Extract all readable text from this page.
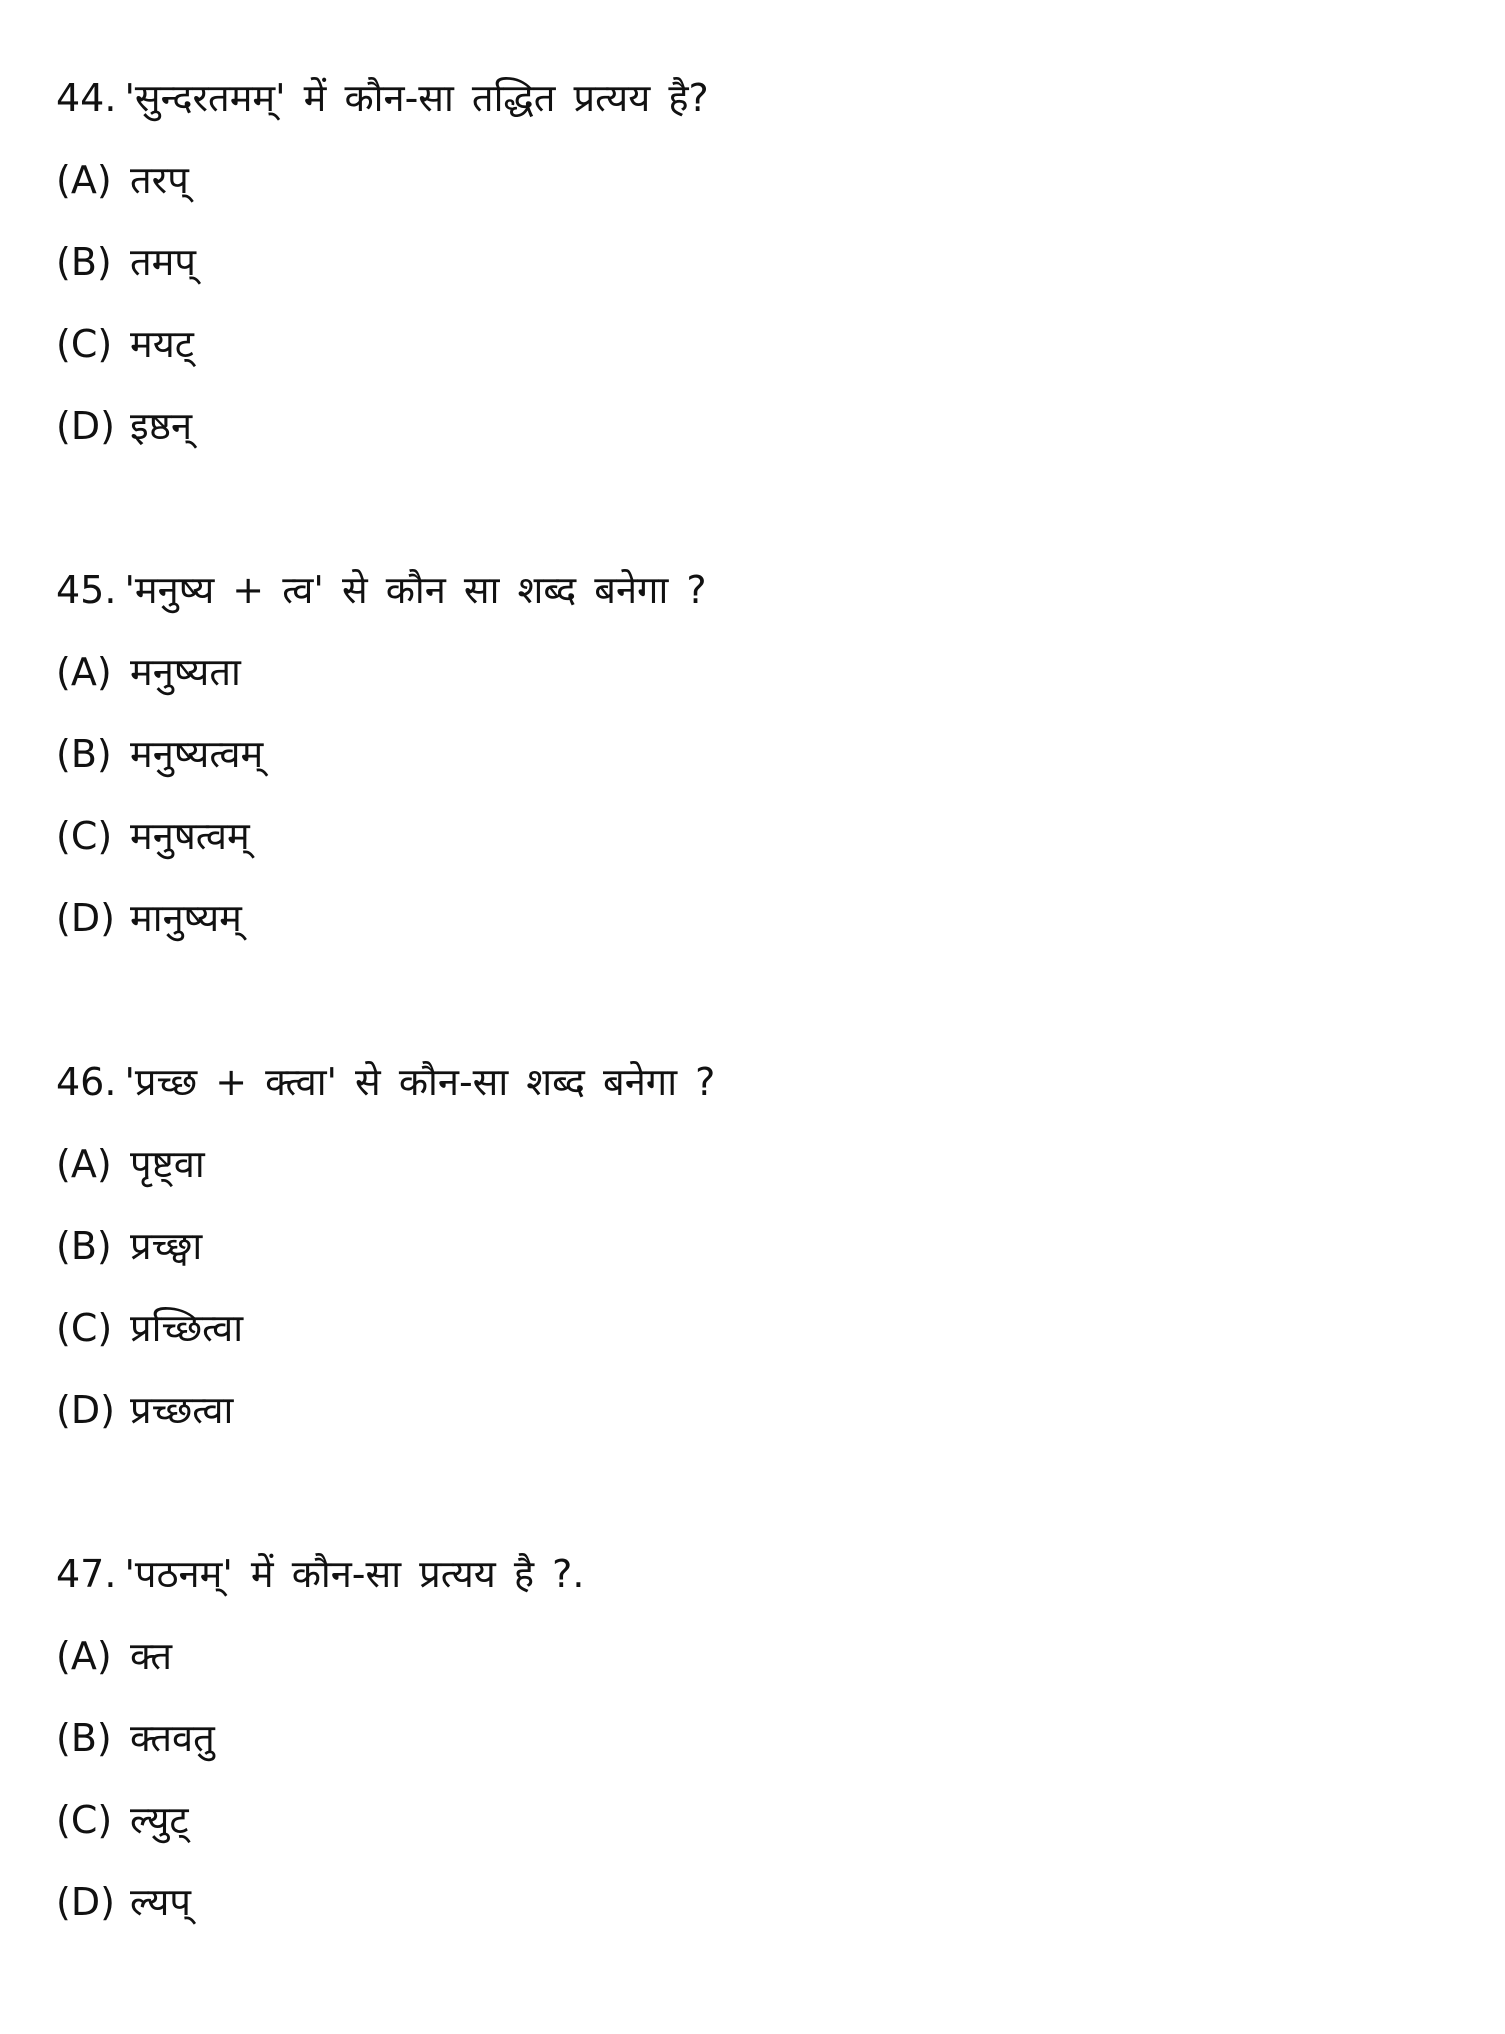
44. 'सुन्दरतमम्' में कौन-सा तद्धित प्रत्यय है?
(A) तरप्
(B) तमप्
(C) मयट्
(D) इष्ठन्
45. 'मनुष्य + त्व' से कौन सा शब्द बनेगा ?
(A) मनुष्यता
(B) मनुष्यत्वम्
(C) मनुषत्वम्
(D) मानुष्यम्
46. 'प्रच्छ + क्त्वा' से कौन-सा शब्द बनेगा ?
(A) पृष्ट्वा
(B) प्रच्छ्वा
(C) प्रच्छित्वा
(D) प्रच्छत्वा
47. 'पठनम्' में कौन-सा प्रत्यय है ?.
(A) क्त
(B) क्तवतु
(C) ल्युट्
(D) ल्यप्
